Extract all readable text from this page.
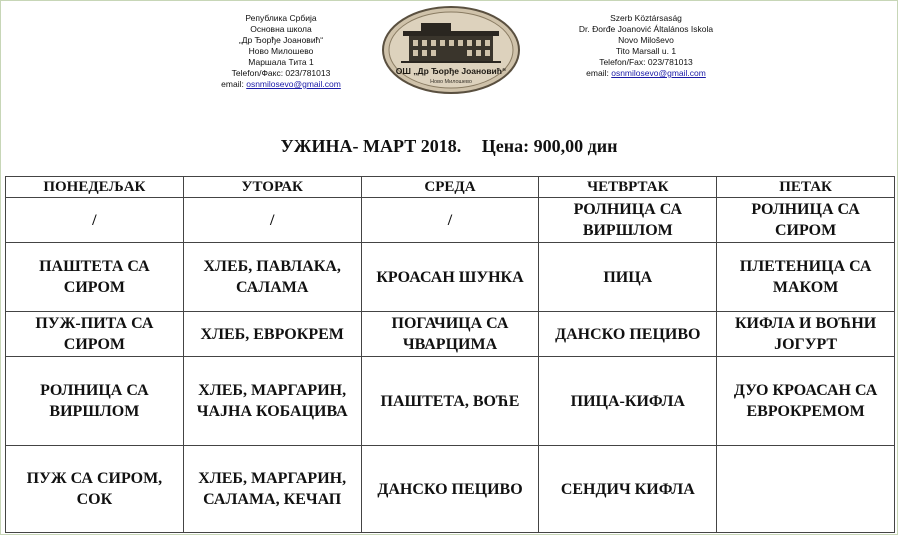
Република Србија
Основна школа
„Др Ђорђе Јоановић“
Ново Милошево
Маршала Тита 1
Telefon/Факс: 023/781013
email: osnmilosevo@gmail.com
ОШ „Др Ђорђе Јоановић“
Ново Милошево
Szerb Köztársaság
Dr. Đorđe Joanović Általános Iskola
Novo Miloševo
Tito Marsall u. 1
Telefon/Fax: 023/781013
email: osnmilosevo@gmail.com
УЖИНА- МАРТ 2018. Цена: 900,00 дин
ПОНЕДЕЉАК	УТОРАК	СРЕДА	ЧЕТВРТАК	ПЕТАК
/	/	/	РОЛНИЦА СА ВИРШЛОМ	РОЛНИЦА СА СИРОМ
ПАШТЕТА СА СИРОМ	ХЛЕБ, ПАВЛАКА, САЛАМА	КРОАСАН ШУНКА	ПИЦА	ПЛЕТЕНИЦА СА МАКОМ
ПУЖ-ПИТА СА СИРОМ	ХЛЕБ, ЕВРОКРЕМ	ПОГАЧИЦА СА ЧВАРЦИМА	ДАНСКО ПЕЦИВО	КИФЛА И ВОЋНИ ЈОГУРТ
РОЛНИЦА СА ВИРШЛОМ	ХЛЕБ, МАРГАРИН, ЧАЈНА КОБАЦИВА	ПАШТЕТА, ВОЋЕ	ПИЦА-КИФЛА	ДУО КРОАСАН СА ЕВРОКРЕМОМ
ПУЖ СА СИРОМ, СОК	ХЛЕБ, МАРГАРИН, САЛАМА, КЕЧАП	ДАНСКО ПЕЦИВО	СЕНДИЧ КИФЛА	
